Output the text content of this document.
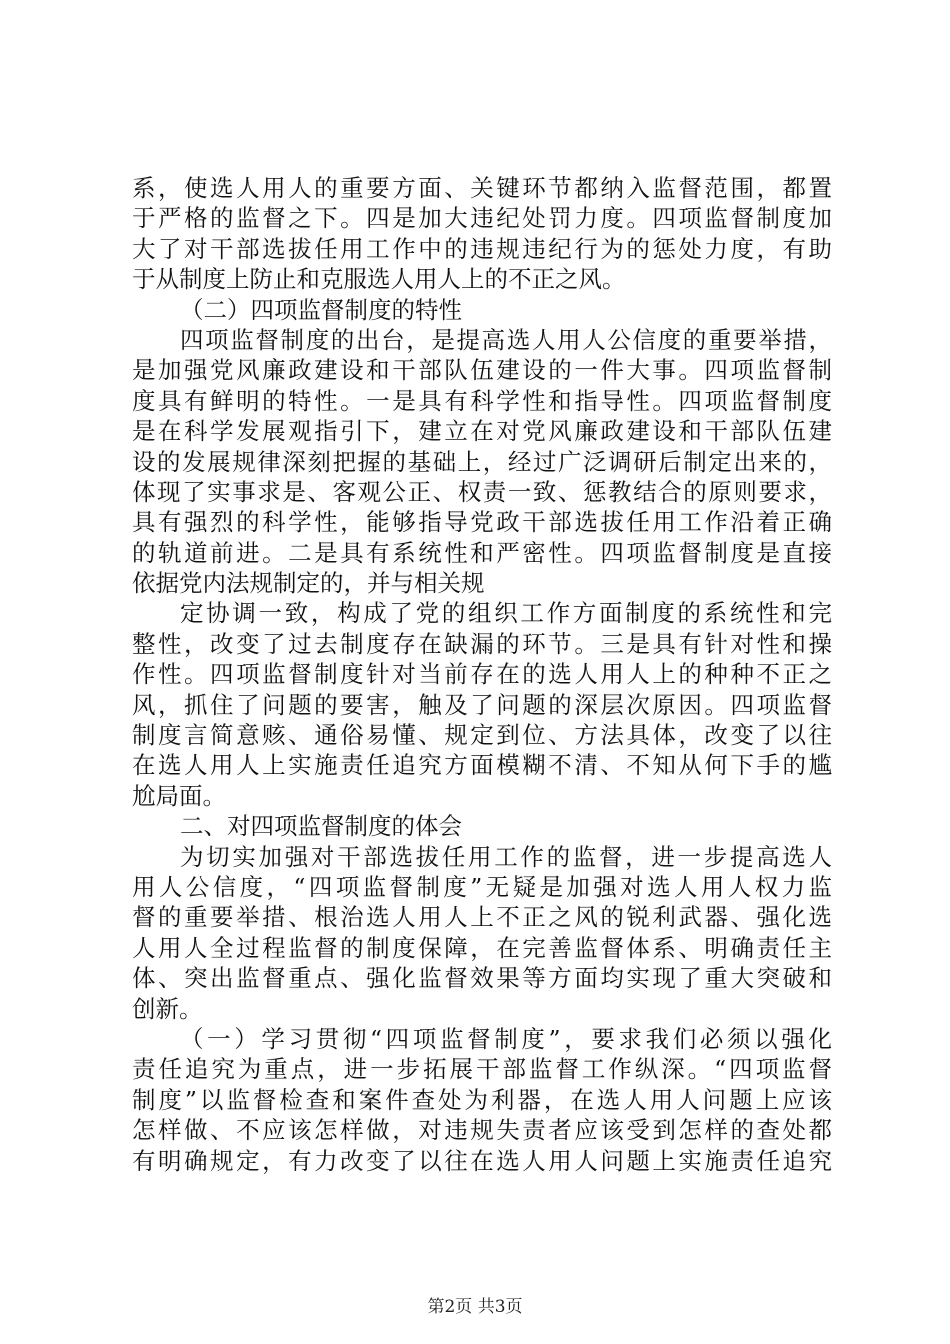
系，使选人用人的重要方面、关键环节都纳入监督范围，都置
于严格的监督之下。四是加大违纪处罚力度。四项监督制度加
大了对干部选拔任用工作中的违规违纪行为的惩处力度，有助
于从制度上防止和克服选人用人上的不正之风。
（二）四项监督制度的特性
四项监督制度的出台，是提高选人用人公信度的重要举措，
是加强党风廉政建设和干部队伍建设的一件大事。四项监督制
度具有鲜明的特性。一是具有科学性和指导性。四项监督制度
是在科学发展观指引下，建立在对党风廉政建设和干部队伍建
设的发展规律深刻把握的基础上，经过广泛调研后制定出来的，
体现了实事求是、客观公正、权责一致、惩教结合的原则要求，
具有强烈的科学性，能够指导党政干部选拔任用工作沿着正确
的轨道前进。二是具有系统性和严密性。四项监督制度是直接
依据党内法规制定的，并与相关规
定协调一致，构成了党的组织工作方面制度的系统性和完
整性，改变了过去制度存在缺漏的环节。三是具有针对性和操
作性。四项监督制度针对当前存在的选人用人上的种种不正之
风，抓住了问题的要害，触及了问题的深层次原因。四项监督
制度言简意赅、通俗易懂、规定到位、方法具体，改变了以往
在选人用人上实施责任追究方面模糊不清、不知从何下手的尴
尬局面。
二、对四项监督制度的体会
为切实加强对干部选拔任用工作的监督，进一步提高选人
用人公信度，“四项监督制度”无疑是加强对选人用人权力监
督的重要举措、根治选人用人上不正之风的锐利武器、强化选
人用人全过程监督的制度保障，在完善监督体系、明确责任主
体、突出监督重点、强化监督效果等方面均实现了重大突破和
创新。
（一）学习贯彻“四项监督制度”，要求我们必须以强化
责任追究为重点，进一步拓展干部监督工作纵深。“四项监督
制度”以监督检查和案件查处为利器，在选人用人问题上应该
怎样做、不应该怎样做，对违规失责者应该受到怎样的查处都
有明确规定，有力改变了以往在选人用人问题上实施责任追究
第2页 共3页
